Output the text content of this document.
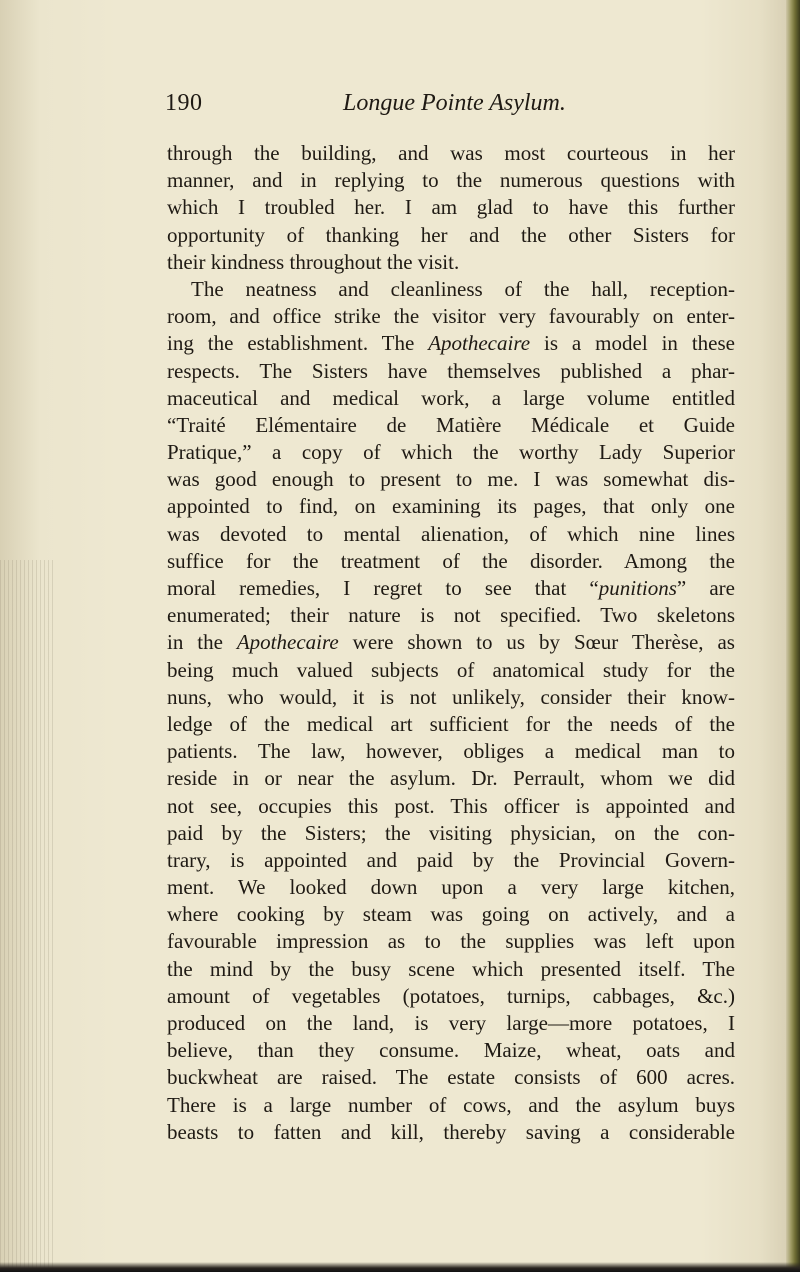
190	Longue Pointe Asylum.
through the building, and was most courteous in her
manner, and in replying to the numerous questions with
which I troubled her. I am glad to have this further
opportunity of thanking her and the other Sisters for
their kindness throughout the visit.
The neatness and cleanliness of the hall, reception-
room, and office strike the visitor very favourably on enter-
ing the establishment. The Apothecaire is a model in these
respects. The Sisters have themselves published a phar-
maceutical and medical work, a large volume entitled
“Traité Elémentaire de Matière Médicale et Guide
Pratique,” a copy of which the worthy Lady Superior
was good enough to present to me. I was somewhat dis-
appointed to find, on examining its pages, that only one
was devoted to mental alienation, of which nine lines
suffice for the treatment of the disorder. Among the
moral remedies, I regret to see that “punitions” are
enumerated; their nature is not specified. Two skeletons
in the Apothecaire were shown to us by Sœur Therèse, as
being much valued subjects of anatomical study for the
nuns, who would, it is not unlikely, consider their know-
ledge of the medical art sufficient for the needs of the
patients. The law, however, obliges a medical man to
reside in or near the asylum. Dr. Perrault, whom we did
not see, occupies this post. This officer is appointed and
paid by the Sisters; the visiting physician, on the con-
trary, is appointed and paid by the Provincial Govern-
ment. We looked down upon a very large kitchen,
where cooking by steam was going on actively, and a
favourable impression as to the supplies was left upon
the mind by the busy scene which presented itself. The
amount of vegetables (potatoes, turnips, cabbages, &c.)
produced on the land, is very large—more potatoes, I
believe, than they consume. Maize, wheat, oats and
buckwheat are raised. The estate consists of 600 acres.
There is a large number of cows, and the asylum buys
beasts to fatten and kill, thereby saving a considerable
